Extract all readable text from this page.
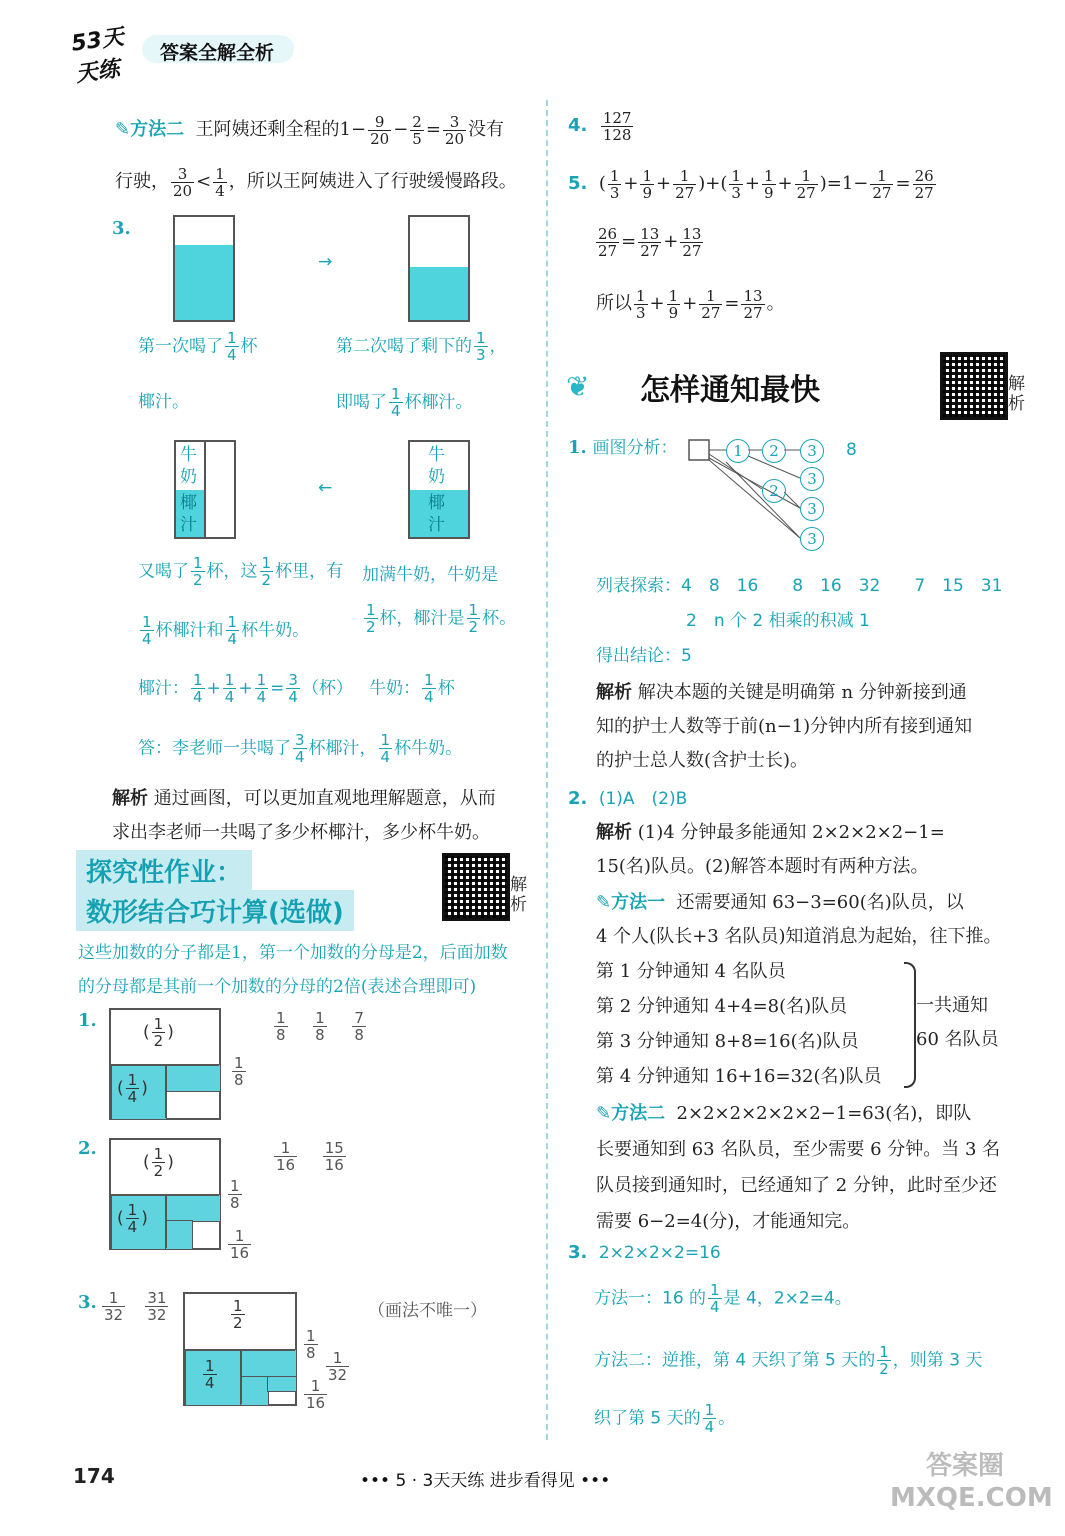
53天天练
答案全解全析
✎方法二 王阿姨还剩全程的$1- \frac{9}{20} - \frac{2}{5} = \frac{3}{20}$ 没有
行驶， $\frac{3}{20} < \frac{1}{4}$ ，所以王阿姨进入了行驶缓慢路段。
3.
→
第一次喝了 $\frac{1}{4}$ 杯
椰汁。
第二次喝了剩下的 $\frac{1}{3}$ ，
即喝了 $\frac{1}{4}$ 杯椰汁。
牛奶
椰汁
←
牛奶
椰汁
又喝了 $\frac{1}{2}$ 杯，这 $\frac{1}{2}$ 杯里，有
$\frac{1}{4}$ 杯椰汁和 $\frac{1}{4}$ 杯牛奶。
加满牛奶，牛奶是
$\frac{1}{2}$ 杯，椰汁是 $\frac{1}{2}$ 杯。
椰汁： $\frac{1}{4} + \frac{1}{4} + \frac{1}{4} = \frac{3}{4}$ （杯） 牛奶： $\frac{1}{4}$ 杯
答：李老师一共喝了 $\frac{3}{4}$ 杯椰汁， $\frac{1}{4}$ 杯牛奶。
解析 通过画图，可以更加直观地理解题意，从而
求出李老师一共喝了多少杯椰汁，多少杯牛奶。
探究性作业：
数形结合巧计算(选做)
解析
这些加数的分子都是1，第一个加数的分母是2，后面加数
的分母都是其前一个加数的分母的2倍(表述合理即可)
1.
( $\frac{1}{2}$ )
( $\frac{1}{4}$ )
$\frac{1}{8}$
$\frac{1}{8}$
$\frac{1}{8}$
$\frac{7}{8}$
2.
( $\frac{1}{2}$ )
( $\frac{1}{4}$ )
$\frac{1}{8}$
$\frac{1}{16}$
$\frac{1}{16}$
$\frac{15}{16}$
3. $\frac{1}{32}$
$\frac{31}{32}$	$\frac{1}{2}$
$\frac{1}{4}$
$\frac{1}{8}$
$\frac{1}{32}$
$\frac{1}{16}$
（画法不唯一）
174
4. $\frac{127}{128}$
5.  ( $\frac{1}{3} + \frac{1}{9} + \frac{1}{27}$ )+( $\frac{1}{3} + \frac{1}{9} + \frac{1}{27} )=1- \frac{1}{27} = \frac{26}{27}$
$\frac{26}{27} = \frac{13}{27} + \frac{13}{27}$
所以 $\frac{1}{3} + \frac{1}{9} + \frac{1}{27} = \frac{13}{27}$ 。
❦ 怎样通知最快	解析
1. 画图分析：	1	2	3
3
2
3
3
8
列表探索：4　8　16　　8　16　32　　7　15　31
2　n 个 2 相乘的积减 1
得出结论：5
解析 解决本题的关键是明确第 n 分钟新接到通
知的护士人数等于前(n−1)分钟内所有接到通知
的护士总人数(含护士长)。
2. (1)A　(2)B
解析 (1)4 分钟最多能通知 2×2×2×2−1=
15(名)队员。(2)解答本题时有两种方法。
✎方法一 还需要通知 63−3=60(名)队员，以
4 个人(队长+3 名队员)知道消息为起始，往下推。
第 1 分钟通知 4 名队员
第 2 分钟通知 4+4=8(名)队员
第 3 分钟通知 8+8=16(名)队员
第 4 分钟通知 16+16=32(名)队员
一共通知
60 名队员
✎方法二 2×2×2×2×2×2−1=63(名)，即队
长要通知到 63 名队员，至少需要 6 分钟。当 3 名
队员接到通知时，已经通知了 2 分钟，此时至少还
需要 6−2=4(分)，才能通知完。
3. 2×2×2×2=16
方法一：16 的 $\frac{1}{4}$ 是 4，2×2=4。
方法二：逆推，第 4 天织了第 5 天的 $\frac{1}{2}$ ，则第 3 天
织了第 5 天的 $\frac{1}{4}$ 。
••• 5 · 3天天练 进步看得见 •••	答案圈 MXQE.COM
